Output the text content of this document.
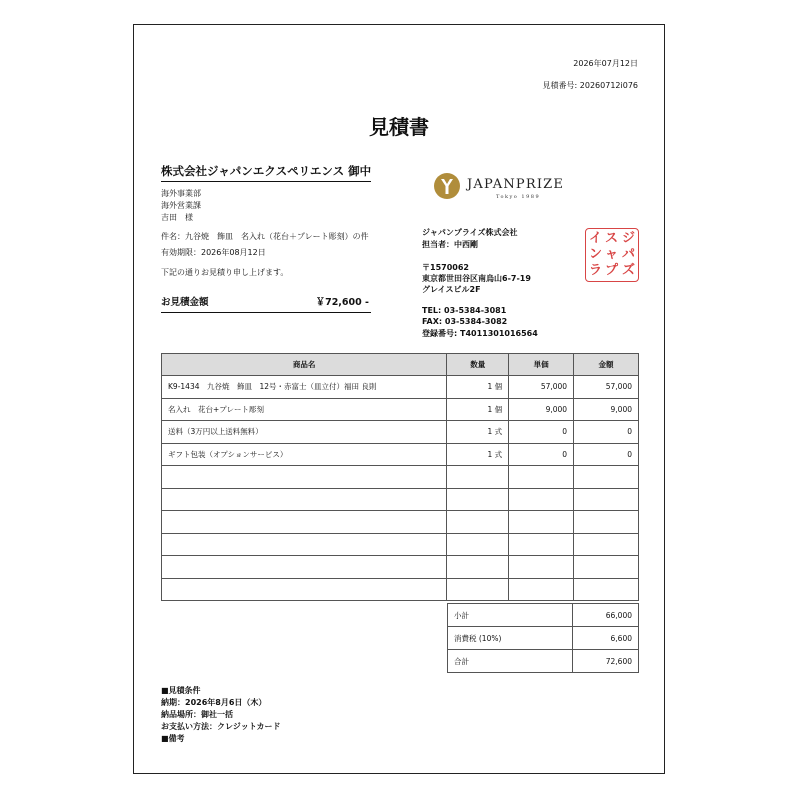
2026年07月12日
見積番号: 20260712i076
見積書
株式会社ジャパンエクスペリエンス 御中
海外事業部
海外営業課
吉田　様
件名：九谷焼　飾皿　名入れ（花台＋プレート彫刻）の件
有効期限：2026年08月12日
下記の通りお見積り申し上げます。
お見積金額	￥72,600 -
JAPANPRIZE
Tokyo 1989
ジャパンプライズ株式会社
担当者：中西剛
〒1570062
東京都世田谷区南烏山6-7-19
グレイスビル2F
TEL: 03-5384-3081
FAX: 03-5384-3082
登録番号: T4011301016564
イ
ン
ラ
ス
ャ
プ
ジ
パ
ズ
商品名	数量	単価	金額
K9-1434　九谷焼　飾皿　12号・赤富士（皿立付）福田 良則	1 個	57,000	57,000
名入れ　花台+プレート彫刻	1 個	9,000	9,000
送料（3万円以上送料無料）	1 式	0	0
ギフト包装（オプションサービス）	1 式	0	0

小計	66,000
消費税 (10%)	6,600
合計	72,600
■見積条件
納期：2026年8月6日（木）
納品場所：御社一括
お支払い方法：クレジットカード
■備考
